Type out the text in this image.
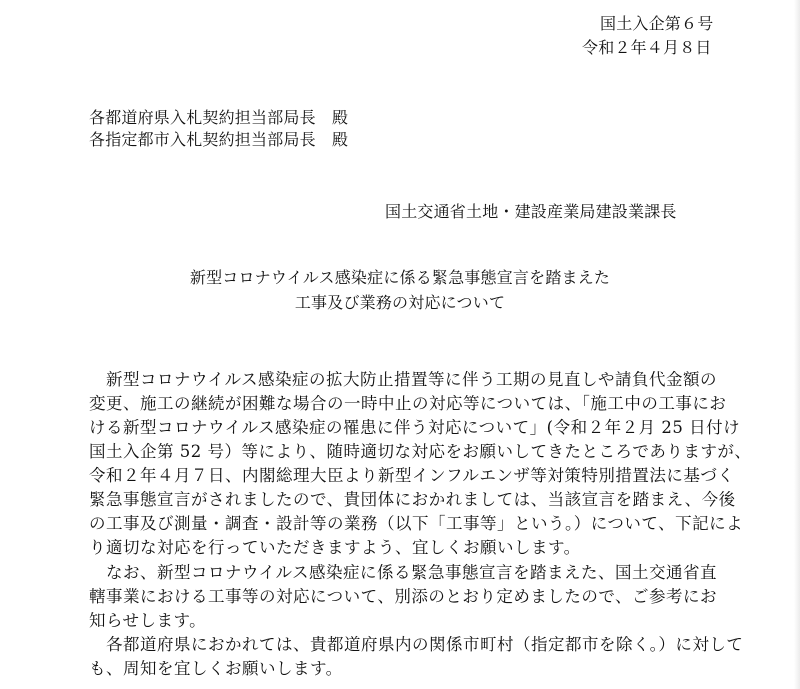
国土入企第６号
令和２年４月８日
各都道府県入札契約担当部局長　殿
各指定都市入札契約担当部局長　殿
国土交通省土地・建設産業局建設業課長
新型コロナウイルス感染症に係る緊急事態宣言を踏まえた
工事及び業務の対応について
新型コロナウイルス感染症の拡大防止措置等に伴う工期の見直しや請負代金額の
変更、施工の継続が困難な場合の一時中止の対応等については、「施工中の工事にお
ける新型コロナウイルス感染症の罹患に伴う対応について」(令和２年２月 25 日付け
国土入企第 52 号）等により、随時適切な対応をお願いしてきたところでありますが、
令和２年４月７日、内閣総理大臣より新型インフルエンザ等対策特別措置法に基づく
緊急事態宣言がされましたので、貴団体におかれましては、当該宣言を踏まえ、今後
の工事及び測量・調査・設計等の業務（以下「工事等」という。）について、下記によ
り適切な対応を行っていただきますよう、宜しくお願いします。
なお、新型コロナウイルス感染症に係る緊急事態宣言を踏まえた、国土交通省直
轄事業における工事等の対応について、別添のとおり定めましたので、ご参考にお
知らせします。
各都道府県におかれては、貴都道府県内の関係市町村（指定都市を除く。）に対して
も、周知を宜しくお願いします。
